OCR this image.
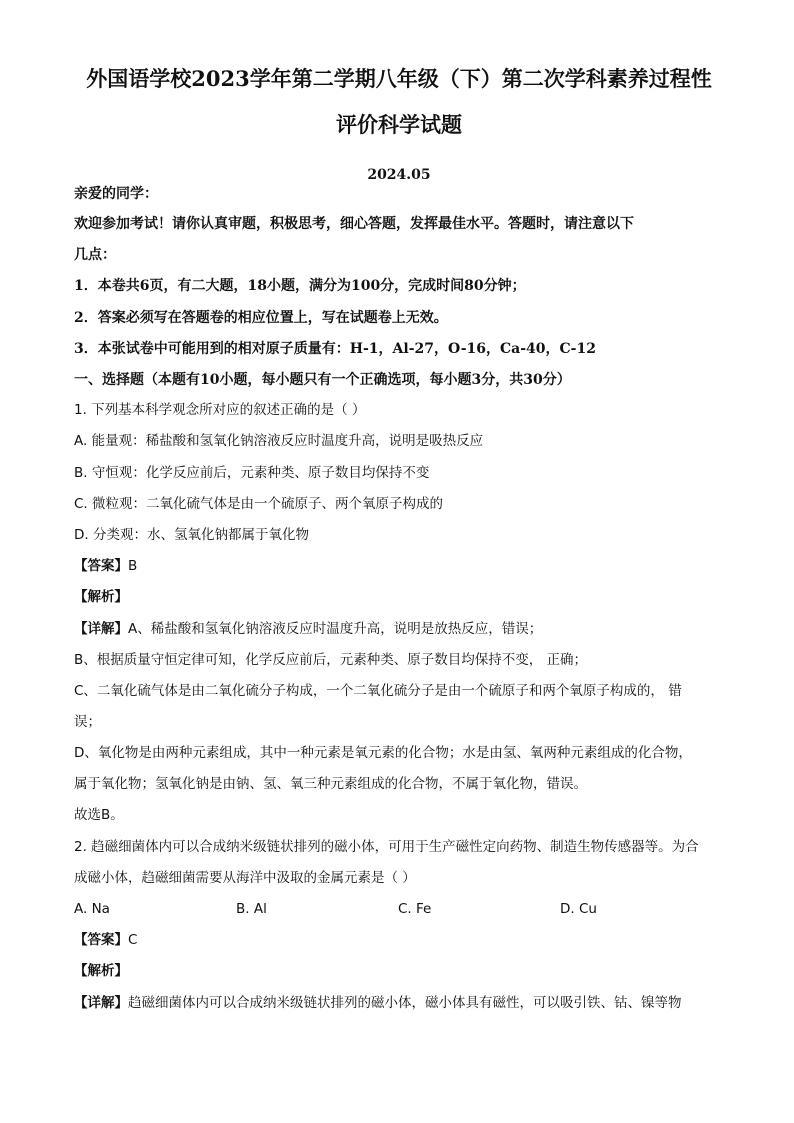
外国语学校2023学年第二学期八年级（下）第二次学科素养过程性

评价科学试题

2024.05

亲爱的同学：

欢迎参加考试！请你认真审题，积极思考，细心答题，发挥最佳水平。答题时，请注意以下

几点：

1．本卷共6页，有二大题，18小题，满分为100分，完成时间80分钟；

2．答案必须写在答题卷的相应位置上，写在试题卷上无效。

3．本张试卷中可能用到的相对原子质量有：H-1，Al-27，O-16，Ca-40，C-12

一、选择题（本题有10小题，每小题只有一个正确选项，每小题3分，共30分）

1. 下列基本科学观念所对应的叙述正确的是（ ）

A. 能量观：稀盐酸和氢氧化钠溶液反应时温度升高，说明是吸热反应

B. 守恒观：化学反应前后，元素种类、原子数目均保持不变

C. 微粒观：二氧化硫气体是由一个硫原子、两个氧原子构成的

D. 分类观：水、氢氧化钠都属于氧化物

【答案】B

【解析】

【详解】A、稀盐酸和氢氧化钠溶液反应时温度升高，说明是放热反应，错误；

B、根据质量守恒定律可知，化学反应前后，元素种类、原子数目均保持不变， 正确；

C、二氧化硫气体是由二氧化硫分子构成，一个二氧化硫分子是由一个硫原子和两个氧原子构成的， 错

误；

D、氧化物是由两种元素组成，其中一种元素是氧元素的化合物；水是由氢、氧两种元素组成的化合物，

属于氧化物；氢氧化钠是由钠、氢、氧三种元素组成的化合物，不属于氧化物，错误。

故选B。

2. 趋磁细菌体内可以合成纳米级链状排列的磁小体，可用于生产磁性定向药物、制造生物传感器等。为合

成磁小体，趋磁细菌需要从海洋中汲取的金属元素是（ ）

A. Na	B. Al	C. Fe	D. Cu

【答案】C

【解析】

【详解】趋磁细菌体内可以合成纳米级链状排列的磁小体，磁小体具有磁性，可以吸引铁、钴、镍等物
